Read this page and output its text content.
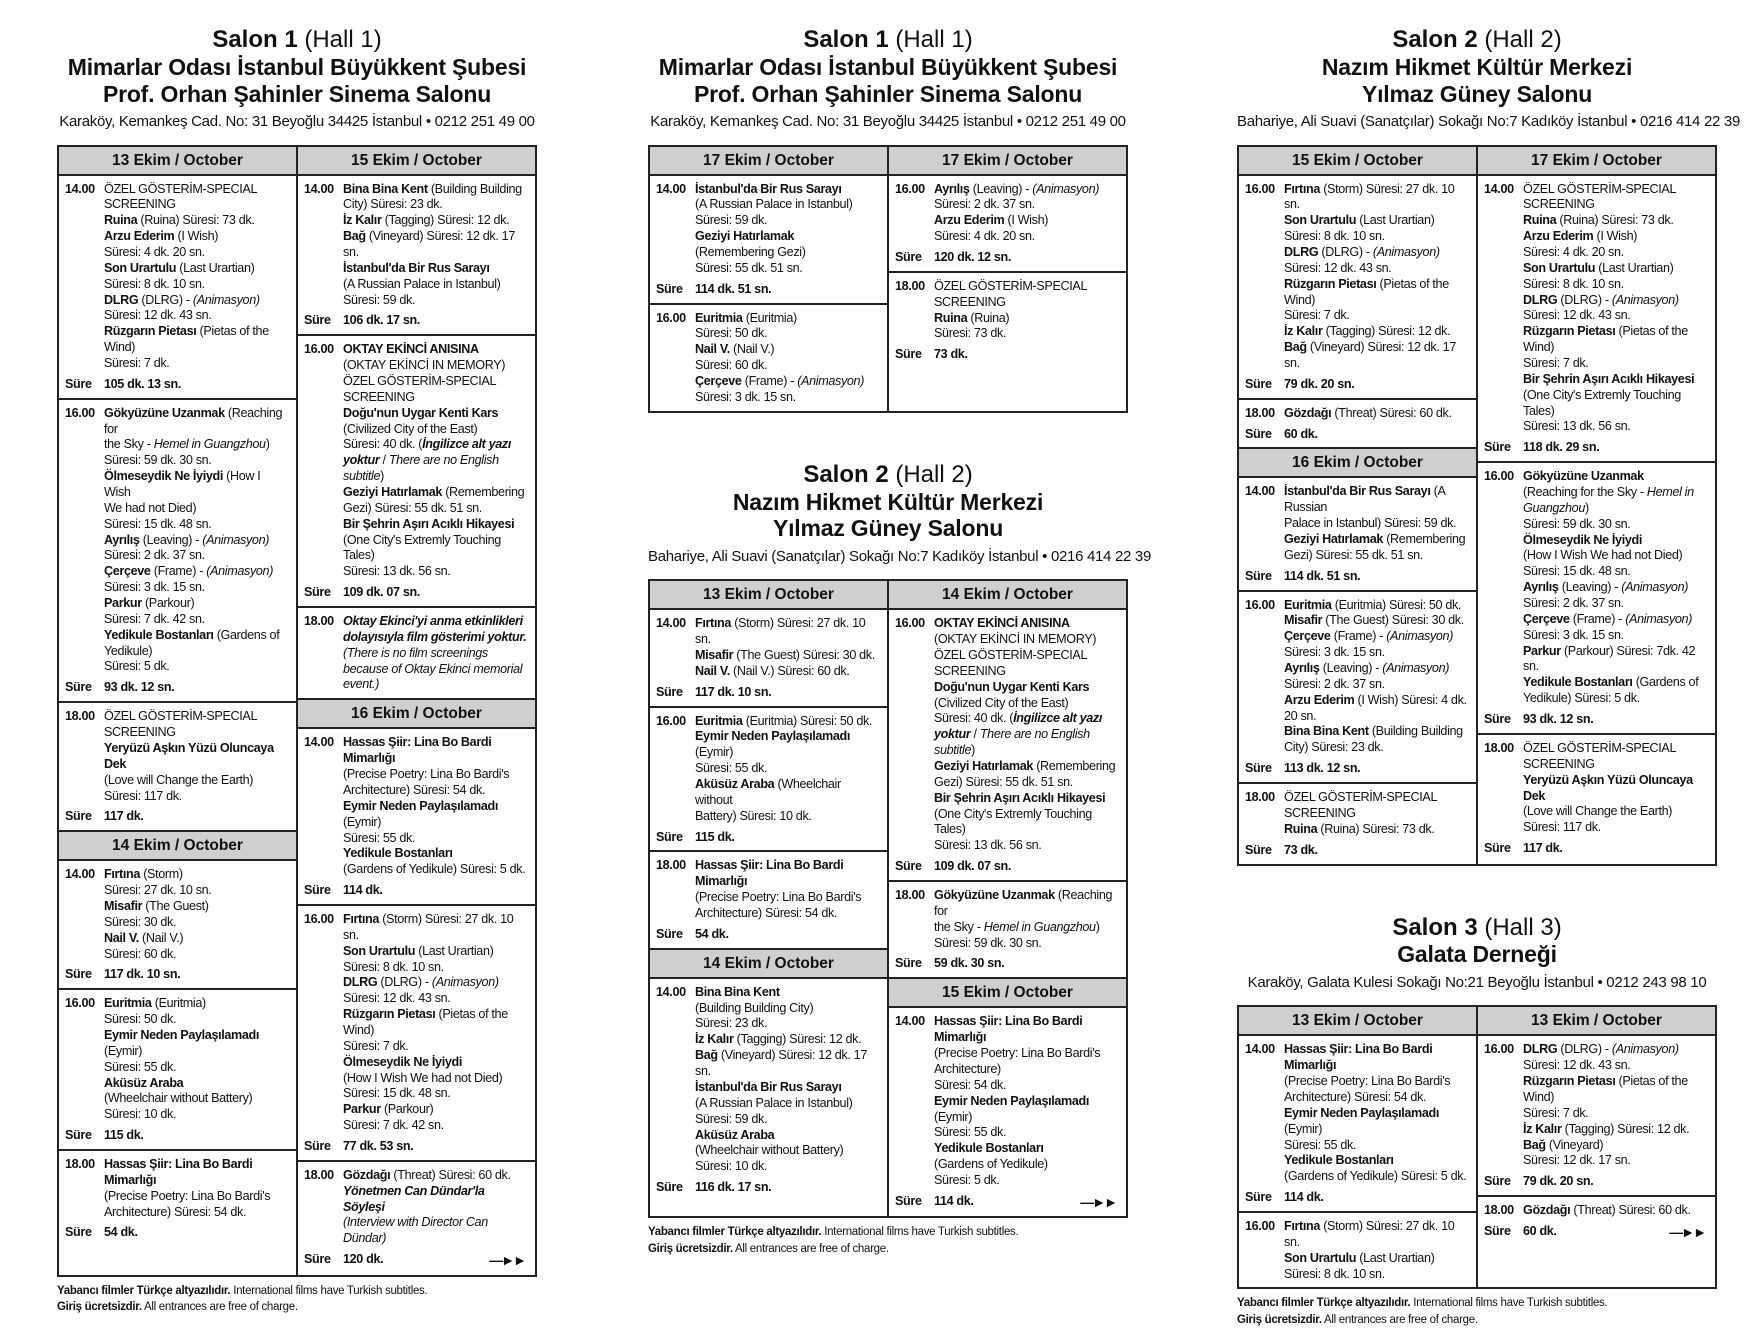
Salon 1 (Hall 1)
Mimarlar Odası İstanbul Büyükkent Şubesi
Prof. Orhan Şahinler Sinema Salonu
Karaköy, Kemankeş Cad. No: 31 Beyoğlu 34425 İstanbul • 0212 251 49 00
13 Ekim / October
14.00 ÖZEL GÖSTERİM-SPECIAL
SCREENING
Ruina (Ruina) Süresi: 73 dk.
Arzu Ederim (I Wish)
Süresi: 4 dk. 20 sn.
Son Urartulu (Last Urartian)
Süresi: 8 dk. 10 sn.
DLRG (DLRG) - (Animasyon)
Süresi: 12 dk. 43 sn.
Rüzgarın Pietası (Pietas of the Wind)
Süresi: 7 dk.
Süre 105 dk. 13 sn.
16.00 Gökyüzüne Uzanmak (Reaching for
the Sky - Hemel in Guangzhou)
Süresi: 59 dk. 30 sn.
Ölmeseydik Ne İyiydi (How I Wish
We had not Died)
Süresi: 15 dk. 48 sn.
Ayrılış (Leaving) - (Animasyon)
Süresi: 2 dk. 37 sn.
Çerçeve (Frame) - (Animasyon)
Süresi: 3 dk. 15 sn.
Parkur (Parkour)
Süresi: 7 dk. 42 sn.
Yedikule Bostanları (Gardens of
Yedikule)
Süresi: 5 dk.
Süre 93 dk. 12 sn.
18.00 ÖZEL GÖSTERİM-SPECIAL
SCREENING
Yeryüzü Aşkın Yüzü Oluncaya Dek
(Love will Change the Earth)
Süresi: 117 dk.
Süre 117 dk.
14 Ekim / October
14.00 Fırtına (Storm)
Süresi: 27 dk. 10 sn.
Misafir (The Guest)
Süresi: 30 dk.
Nail V. (Nail V.)
Süresi: 60 dk.
Süre 117 dk. 10 sn.
16.00 Euritmia (Euritmia)
Süresi: 50 dk.
Eymir Neden Paylaşılamadı (Eymir)
Süresi: 55 dk.
Aküsüz Araba
(Wheelchair without Battery)
Süresi: 10 dk.
Süre 115 dk.
18.00 Hassas Şiir: Lina Bo Bardi Mimarlığı
(Precise Poetry: Lina Bo Bardi's
Architecture) Süresi: 54 dk.
Süre 54 dk.
15 Ekim / October
14.00 Bina Bina Kent (Building Building
City) Süresi: 23 dk.
İz Kalır (Tagging) Süresi: 12 dk.
Bağ (Vineyard) Süresi: 12 dk. 17 sn.
İstanbul'da Bir Rus Sarayı
(A Russian Palace in Istanbul)
Süresi: 59 dk.
Süre 106 dk. 17 sn.
16.00 OKTAY EKİNCİ ANISINA
(OKTAY EKİNCİ IN MEMORY)
ÖZEL GÖSTERİM-SPECIAL SCREENING
Doğu'nun Uygar Kenti Kars
(Civilized City of the East)
Süresi: 40 dk. (İngilizce alt yazı
yoktur / There are no English subtitle)
Geziyi Hatırlamak (Remembering
Gezi) Süresi: 55 dk. 51 sn.
Bir Şehrin Aşırı Acıklı Hikayesi
(One City's Extremly Touching Tales)
Süresi: 13 dk. 56 sn.
Süre 109 dk. 07 sn.
18.00 Oktay Ekinci'yi anma etkinlikleri
dolayısıyla film gösterimi yoktur.
(There is no film screenings
because of Oktay Ekinci memorial
event.)
16 Ekim / October
14.00 Hassas Şiir: Lina Bo Bardi Mimarlığı
(Precise Poetry: Lina Bo Bardi's
Architecture) Süresi: 54 dk.
Eymir Neden Paylaşılamadı (Eymir)
Süresi: 55 dk.
Yedikule Bostanları
(Gardens of Yedikule) Süresi: 5 dk.
Süre 114 dk.
16.00 Fırtına (Storm) Süresi: 27 dk. 10 sn.
Son Urartulu (Last Urartian)
Süresi: 8 dk. 10 sn.
DLRG (DLRG) - (Animasyon)
Süresi: 12 dk. 43 sn.
Rüzgarın Pietası (Pietas of the Wind)
Süresi: 7 dk.
Ölmeseydik Ne İyiydi
(How I Wish We had not Died)
Süresi: 15 dk. 48 sn.
Parkur (Parkour)
Süresi: 7 dk. 42 sn.
Süre 77 dk. 53 sn.
18.00 Gözdağı (Threat) Süresi: 60 dk.
Yönetmen Can Dündar'la Söyleşi
(Interview with Director Can Dündar)
Süre 120 dk.	—►►
Yabancı filmler Türkçe altyazılıdır. International films have Turkish subtitles.
Giriş ücretsizdir. All entrances are free of charge.
Salon 1 (Hall 1)
Mimarlar Odası İstanbul Büyükkent Şubesi
Prof. Orhan Şahinler Sinema Salonu
Karaköy, Kemankeş Cad. No: 31 Beyoğlu 34425 İstanbul • 0212 251 49 00
17 Ekim / October
14.00 İstanbul'da Bir Rus Sarayı
(A Russian Palace in Istanbul)
Süresi: 59 dk.
Geziyi Hatırlamak
(Remembering Gezi)
Süresi: 55 dk. 51 sn.
Süre 114 dk. 51 sn.
16.00 Euritmia (Euritmia)
Süresi: 50 dk.
Nail V. (Nail V.)
Süresi: 60 dk.
Çerçeve (Frame) - (Animasyon)
Süresi: 3 dk. 15 sn.
17 Ekim / October
16.00 Ayrılış (Leaving) - (Animasyon)
Süresi: 2 dk. 37 sn.
Arzu Ederim (I Wish)
Süresi: 4 dk. 20 sn.
Süre 120 dk. 12 sn.
18.00 ÖZEL GÖSTERİM-SPECIAL
SCREENING
Ruina (Ruina)
Süresi: 73 dk.
Süre 73 dk.
Salon 2 (Hall 2)
Nazım Hikmet Kültür Merkezi
Yılmaz Güney Salonu
Bahariye, Ali Suavi (Sanatçılar) Sokağı No:7 Kadıköy İstanbul • 0216 414 22 39
13 Ekim / October
14.00 Fırtına (Storm) Süresi: 27 dk. 10 sn.
Misafir (The Guest) Süresi: 30 dk.
Nail V. (Nail V.) Süresi: 60 dk.
Süre 117 dk. 10 sn.
16.00 Euritmia (Euritmia) Süresi: 50 dk.
Eymir Neden Paylaşılamadı (Eymir)
Süresi: 55 dk.
Aküsüz Araba (Wheelchair without
Battery) Süresi: 10 dk.
Süre 115 dk.
18.00 Hassas Şiir: Lina Bo Bardi Mimarlığı
(Precise Poetry: Lina Bo Bardi's
Architecture) Süresi: 54 dk.
Süre 54 dk.
14 Ekim / October
14.00 Bina Bina Kent
(Building Building City)
Süresi: 23 dk.
İz Kalır (Tagging) Süresi: 12 dk.
Bağ (Vineyard) Süresi: 12 dk. 17 sn.
İstanbul'da Bir Rus Sarayı
(A Russian Palace in Istanbul)
Süresi: 59 dk.
Aküsüz Araba
(Wheelchair without Battery)
Süresi: 10 dk.
Süre 116 dk. 17 sn.
14 Ekim / October
16.00 OKTAY EKİNCİ ANISINA
(OKTAY EKİNCİ IN MEMORY)
ÖZEL GÖSTERİM-SPECIAL
SCREENING
Doğu'nun Uygar Kenti Kars
(Civilized City of the East)
Süresi: 40 dk. (İngilizce alt yazı
yoktur / There are no English subtitle)
Geziyi Hatırlamak (Remembering
Gezi) Süresi: 55 dk. 51 sn.
Bir Şehrin Aşırı Acıklı Hikayesi
(One City's Extremly Touching Tales)
Süresi: 13 dk. 56 sn.
Süre 109 dk. 07 sn.
18.00 Gökyüzüne Uzanmak (Reaching for
the Sky - Hemel in Guangzhou)
Süresi: 59 dk. 30 sn.
Süre 59 dk. 30 sn.
15 Ekim / October
14.00 Hassas Şiir: Lina Bo Bardi Mimarlığı
(Precise Poetry: Lina Bo Bardi's
Architecture)
Süresi: 54 dk.
Eymir Neden Paylaşılamadı (Eymir)
Süresi: 55 dk.
Yedikule Bostanları
(Gardens of Yedikule)
Süresi: 5 dk.
Süre 114 dk.	—►►
Yabancı filmler Türkçe altyazılıdır. International films have Turkish subtitles.
Giriş ücretsizdir. All entrances are free of charge.
Salon 2 (Hall 2)
Nazım Hikmet Kültür Merkezi
Yılmaz Güney Salonu
Bahariye, Ali Suavi (Sanatçılar) Sokağı No:7 Kadıköy İstanbul • 0216 414 22 39
15 Ekim / October
16.00 Fırtına (Storm) Süresi: 27 dk. 10 sn.
Son Urartulu (Last Urartian)
Süresi: 8 dk. 10 sn.
DLRG (DLRG) - (Animasyon)
Süresi: 12 dk. 43 sn.
Rüzgarın Pietası (Pietas of the Wind)
Süresi: 7 dk.
İz Kalır (Tagging) Süresi: 12 dk.
Bağ (Vineyard) Süresi: 12 dk. 17 sn.
Süre 79 dk. 20 sn.
18.00 Gözdağı (Threat) Süresi: 60 dk.
Süre 60 dk.
16 Ekim / October
14.00 İstanbul'da Bir Rus Sarayı (A Russian
Palace in Istanbul) Süresi: 59 dk.
Geziyi Hatırlamak (Remembering
Gezi) Süresi: 55 dk. 51 sn.
Süre 114 dk. 51 sn.
16.00 Euritmia (Euritmia) Süresi: 50 dk.
Misafir (The Guest) Süresi: 30 dk.
Çerçeve (Frame) - (Animasyon)
Süresi: 3 dk. 15 sn.
Ayrılış (Leaving) - (Animasyon)
Süresi: 2 dk. 37 sn.
Arzu Ederim (I Wish) Süresi: 4 dk. 20 sn.
Bina Bina Kent (Building Building
City) Süresi: 23 dk.
Süre 113 dk. 12 sn.
18.00 ÖZEL GÖSTERİM-SPECIAL
SCREENING
Ruina (Ruina) Süresi: 73 dk.
Süre 73 dk.
17 Ekim / October
14.00 ÖZEL GÖSTERİM-SPECIAL
SCREENING
Ruina (Ruina) Süresi: 73 dk.
Arzu Ederim (I Wish)
Süresi: 4 dk. 20 sn.
Son Urartulu (Last Urartian)
Süresi: 8 dk. 10 sn.
DLRG (DLRG) - (Animasyon)
Süresi: 12 dk. 43 sn.
Rüzgarın Pietası (Pietas of the Wind)
Süresi: 7 dk.
Bir Şehrin Aşırı Acıklı Hikayesi
(One City's Extremly Touching Tales)
Süresi: 13 dk. 56 sn.
Süre 118 dk. 29 sn.
16.00 Gökyüzüne Uzanmak
(Reaching for the Sky - Hemel in
Guangzhou)
Süresi: 59 dk. 30 sn.
Ölmeseydik Ne İyiydi
(How I Wish We had not Died)
Süresi: 15 dk. 48 sn.
Ayrılış (Leaving) - (Animasyon)
Süresi: 2 dk. 37 sn.
Çerçeve (Frame) - (Animasyon)
Süresi: 3 dk. 15 sn.
Parkur (Parkour) Süresi: 7dk. 42 sn.
Yedikule Bostanları (Gardens of
Yedikule) Süresi: 5 dk.
Süre 93 dk. 12 sn.
18.00 ÖZEL GÖSTERİM-SPECIAL
SCREENING
Yeryüzü Aşkın Yüzü Oluncaya Dek
(Love will Change the Earth)
Süresi: 117 dk.
Süre 117 dk.
Salon 3 (Hall 3)
Galata Derneği
Karaköy, Galata Kulesi Sokağı No:21 Beyoğlu İstanbul • 0212 243 98 10
13 Ekim / October
14.00 Hassas Şiir: Lina Bo Bardi Mimarlığı
(Precise Poetry: Lina Bo Bardi's
Architecture) Süresi: 54 dk.
Eymir Neden Paylaşılamadı (Eymir)
Süresi: 55 dk.
Yedikule Bostanları
(Gardens of Yedikule) Süresi: 5 dk.
Süre 114 dk.
16.00 Fırtına (Storm) Süresi: 27 dk. 10 sn.
Son Urartulu (Last Urartian)
Süresi: 8 dk. 10 sn.
13 Ekim / October
16.00 DLRG (DLRG) - (Animasyon)
Süresi: 12 dk. 43 sn.
Rüzgarın Pietası (Pietas of the Wind)
Süresi: 7 dk.
İz Kalır (Tagging) Süresi: 12 dk.
Bağ (Vineyard)
Süresi: 12 dk. 17 sn.
Süre 79 dk. 20 sn.
18.00 Gözdağı (Threat) Süresi: 60 dk.
Süre 60 dk.	—►►
Yabancı filmler Türkçe altyazılıdır. International films have Turkish subtitles.
Giriş ücretsizdir. All entrances are free of charge.
